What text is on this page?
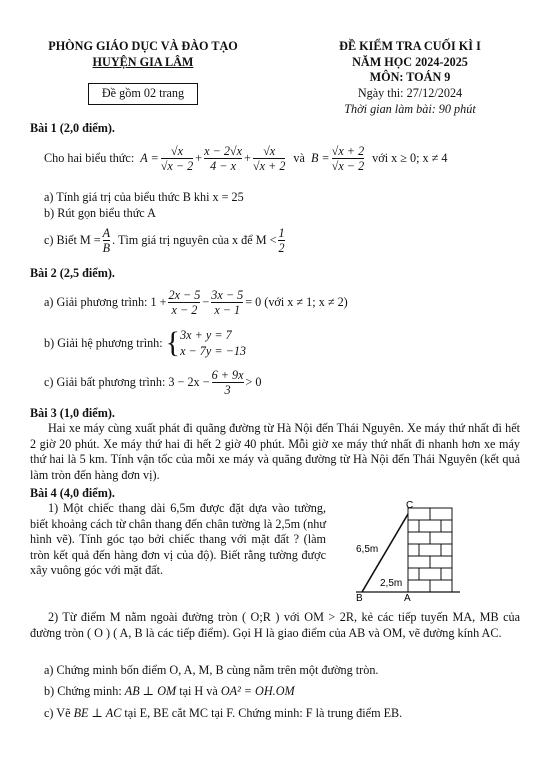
PHÒNG GIÁO DỤC VÀ ĐÀO TẠO
HUYỆN GIA LÂM
Đề gồm 02 trang
ĐỀ KIỂM TRA CUỐI KÌ I
NĂM HỌC 2024-2025
MÔN: TOÁN 9
Ngày thi: 27/12/2024
Thời gian làm bài: 90 phút
Bài 1 (2,0 điểm).
Cho hai biểu thức: $A = \frac{√x}{√x - 2} + \frac{x - 2√x}{4 - x} + \frac{√x}{√x + 2}$ và $B = \frac{√x + 2}{√x - 2}$ với x ≥ 0; x ≠ 4
a) Tính giá trị của biểu thức B khi x = 25
b) Rút gọn biểu thức A
c) Biết $M = \frac{A}{B}$ . Tìm giá trị nguyên của x để $M < \frac{1}{2}$
Bài 2 (2,5 điểm).
a) Giải phương trình: $1 + \frac{2x - 5}{x - 2} - \frac{3x - 5}{x - 1} = 0$ (với x ≠ 1; x ≠ 2)
b) Giải hệ phương trình: { 3x + y = 7
x − 7y = −13
c) Giải bất phương trình: $3 - 2x - \frac{6 + 9x}{3} > 0$
Bài 3 (1,0 điểm).
Hai xe máy cùng xuất phát đi quãng đường từ Hà Nội đến Thái Nguyên. Xe máy thứ nhất đi hết 2 giờ 20 phút. Xe máy thứ hai đi hết 2 giờ 40 phút. Mỗi giờ xe máy thứ nhất đi nhanh hơn xe máy thứ hai là 5 km. Tính vận tốc của mỗi xe máy và quãng đường từ Hà Nội đến Thái Nguyên (kết quả làm tròn đến hàng đơn vị).
Bài 4 (4,0 điểm).
1) Một chiếc thang dài 6,5m được đặt dựa vào tường, biết khoảng cách từ chân thang đến chân tường là 2,5m (như hình vẽ). Tính góc tạo bởi chiếc thang với mặt đất ? (làm tròn kết quả đến hàng đơn vị của độ). Biết rằng tường được xây vuông góc với mặt đất.
C
B	A
6,5m
2,5m
2) Từ điểm M nằm ngoài đường tròn ( O;R ) với OM > 2R, kẻ các tiếp tuyến MA, MB của đường tròn ( O ) ( A, B là các tiếp điểm). Gọi H là giao điểm của AB và OM, vẽ đường kính AC.
a) Chứng minh bốn điểm O, A, M, B cùng nằm trên một đường tròn.
b) Chứng minh: AB ⊥ OM tại H và OA² = OH.OM
c) Vẽ BE ⊥ AC tại E, BE cắt MC tại F. Chứng minh: F là trung điểm EB.
